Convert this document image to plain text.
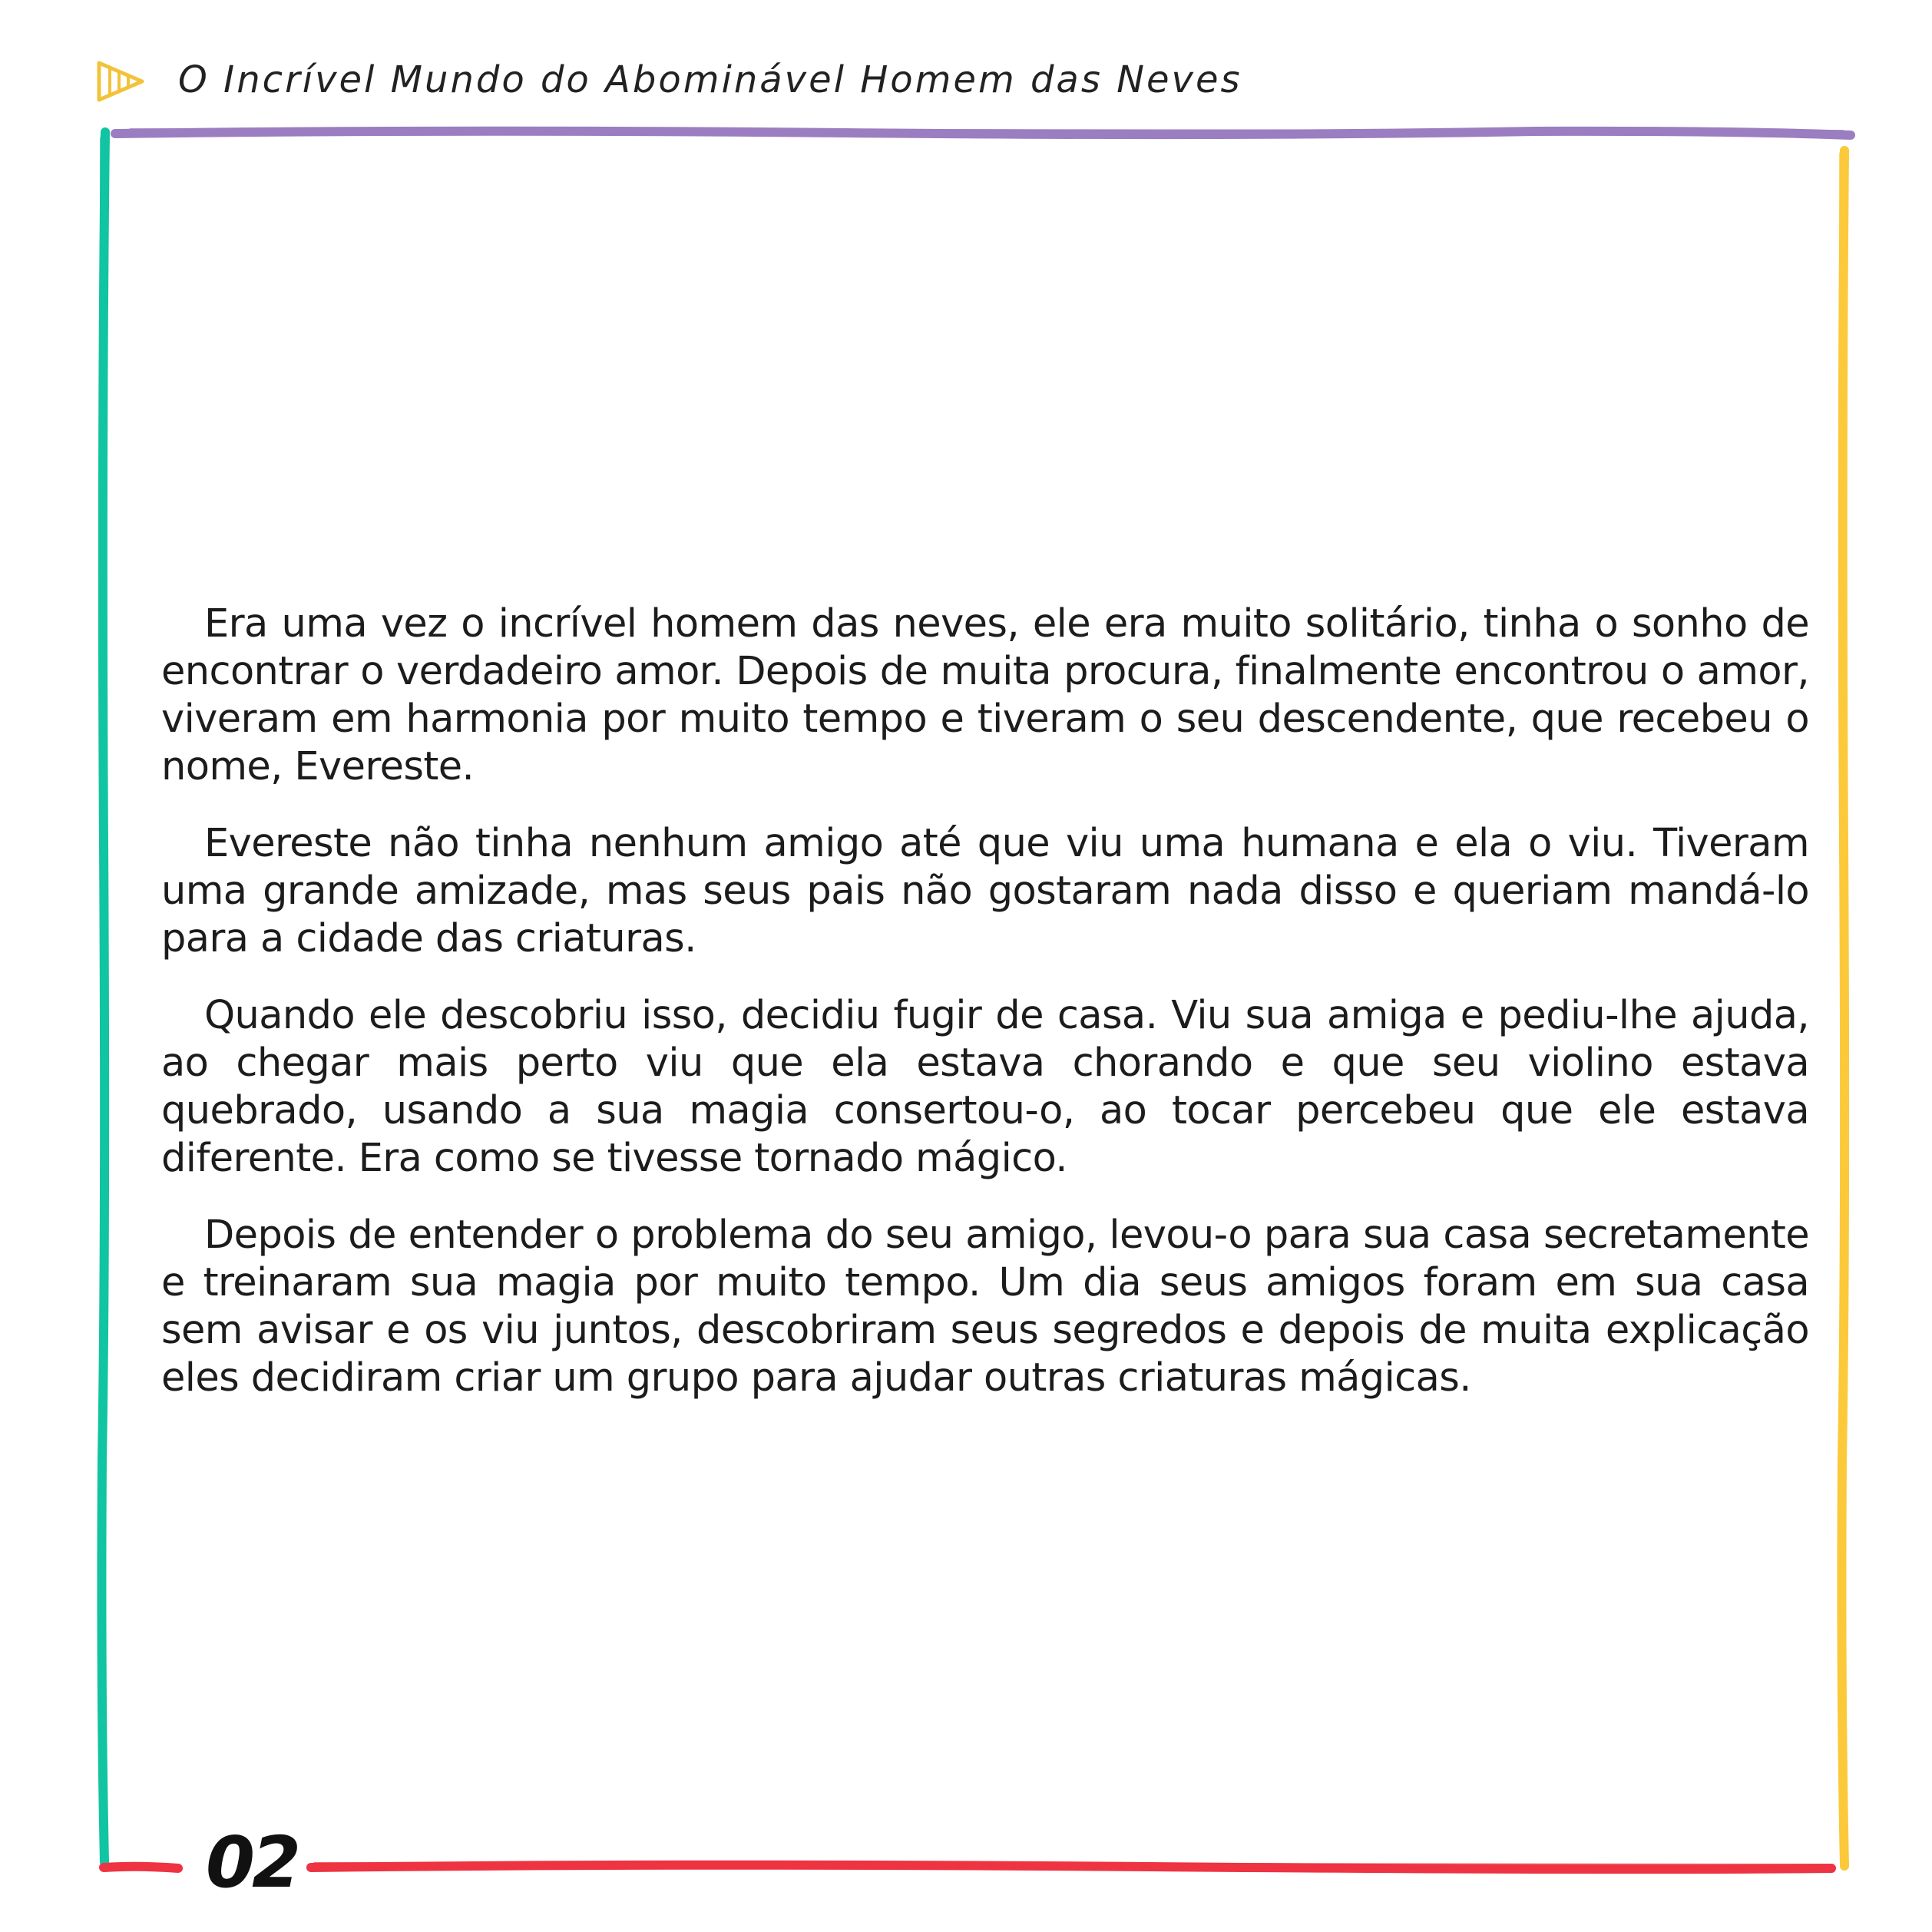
O Incrível Mundo do Abominável Homem das Neves

Era uma vez o incrível homem das neves, ele era muito solitário, tinha o sonho de encontrar o verdadeiro amor. Depois de muita procura, finalmente encontrou o amor, viveram em harmonia por muito tempo e tiveram o seu descendente, que recebeu o nome, Evereste.

Evereste não tinha nenhum amigo até que viu uma humana e ela o viu. Tiveram uma grande amizade, mas seus pais não gostaram nada disso e queriam mandá-lo para a cidade das criaturas.

Quando ele descobriu isso, decidiu fugir de casa. Viu sua amiga e pediu-lhe ajuda, ao chegar mais perto viu que ela estava chorando e que seu violino estava quebrado, usando a sua magia consertou-o, ao tocar percebeu que ele estava diferente. Era como se tivesse tornado mágico.

Depois de entender o problema do seu amigo, levou-o para sua casa secretamente e treinaram sua magia por muito tempo. Um dia seus amigos foram em sua casa sem avisar e os viu juntos, descobriram seus segredos e depois de muita explicação eles decidiram criar um grupo para ajudar outras criaturas mágicas.

02
